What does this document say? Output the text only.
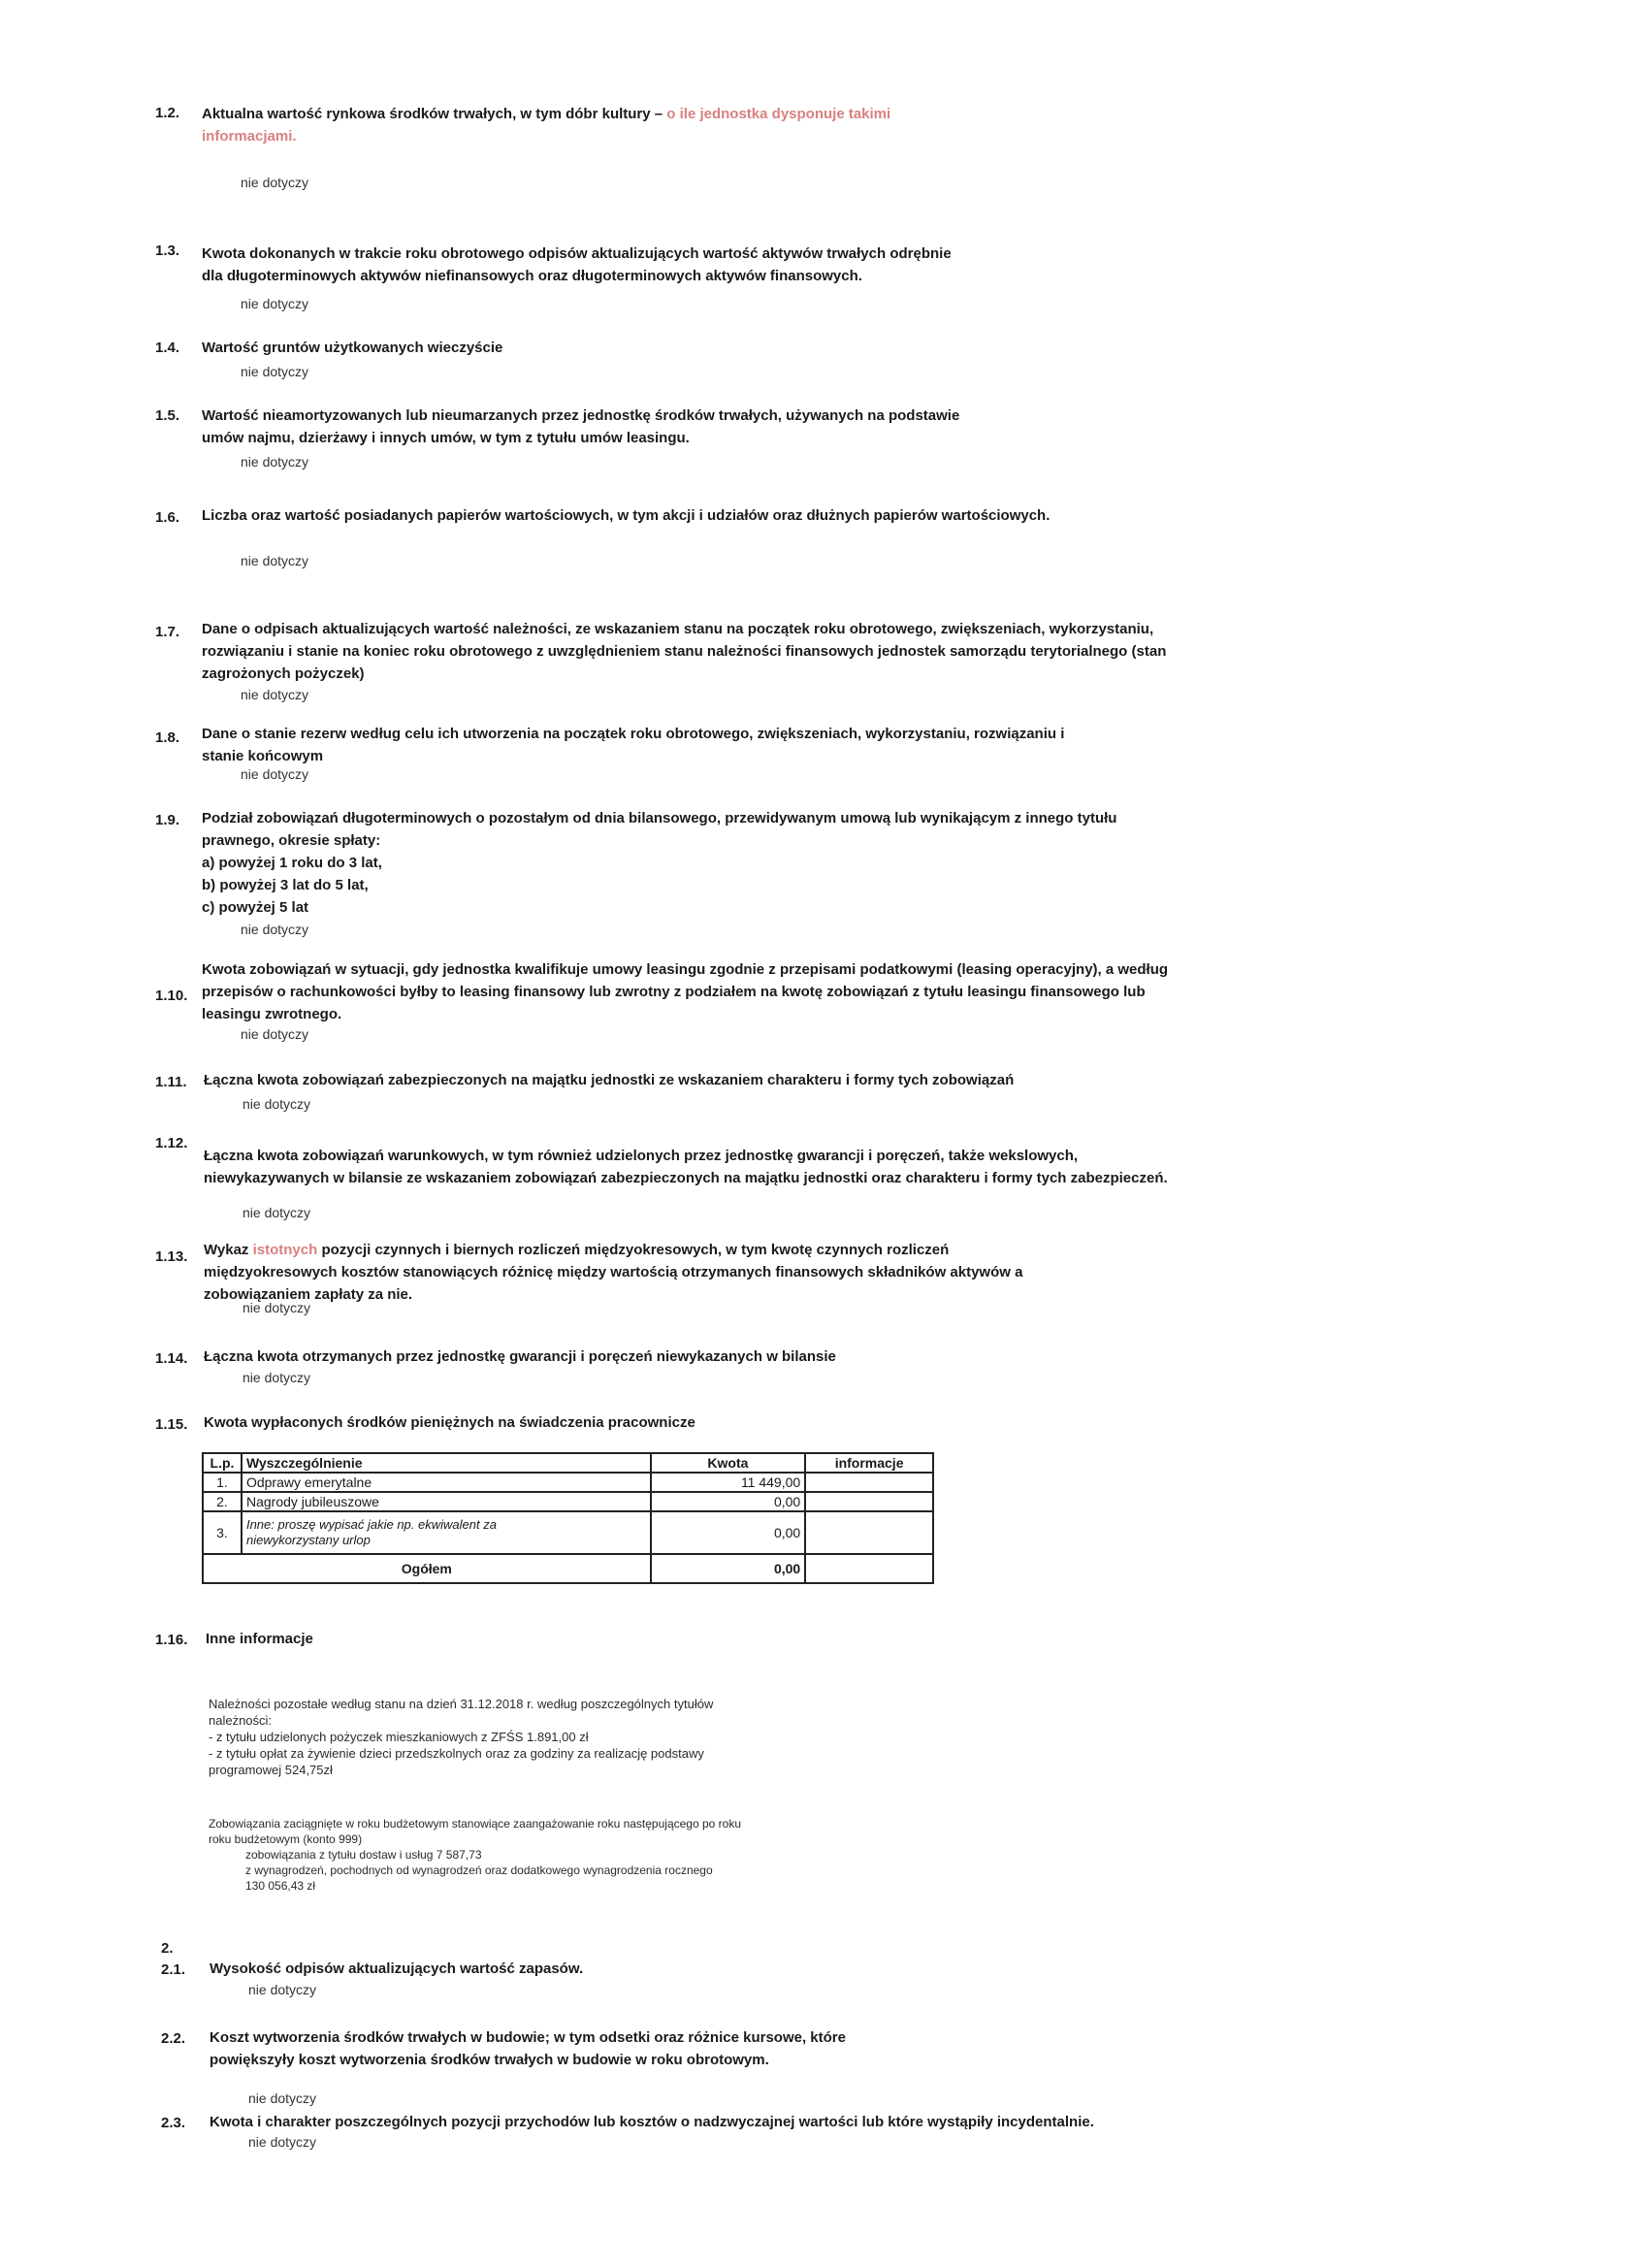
1.2. Aktualna wartość rynkowa środków trwałych, w tym dóbr kultury – o ile jednostka dysponuje takimi
informacjami.
nie dotyczy
1.3. Kwota dokonanych w trakcie roku obrotowego odpisów aktualizujących wartość aktywów trwałych odrębnie
dla długoterminowych aktywów niefinansowych oraz długoterminowych aktywów finansowych.
nie dotyczy
1.4. Wartość gruntów użytkowanych wieczyście
nie dotyczy
1.5. Wartość nieamortyzowanych lub nieumarzanych przez jednostkę środków trwałych, używanych na podstawie
umów najmu, dzierżawy i innych umów, w tym z tytułu umów leasingu.
nie dotyczy
1.6. Liczba oraz wartość posiadanych papierów wartościowych, w tym akcji i udziałów oraz dłużnych papierów wartościowych.
nie dotyczy
1.7. Dane o odpisach aktualizujących wartość należności, ze wskazaniem stanu na początek roku obrotowego, zwiększeniach, wykorzystaniu,
rozwiązaniu i stanie na koniec roku obrotowego z uwzględnieniem stanu należności finansowych jednostek samorządu terytorialnego (stan
zagrożonych pożyczek)
nie dotyczy
1.8. Dane o stanie rezerw według celu ich utworzenia na początek roku obrotowego, zwiększeniach, wykorzystaniu, rozwiązaniu i
stanie końcowym
nie dotyczy
1.9. Podział zobowiązań długoterminowych o pozostałym od dnia bilansowego, przewidywanym umową lub wynikającym z innego tytułu
prawnego, okresie spłaty:
a) powyżej 1 roku do 3 lat,
b) powyżej 3 lat do 5 lat,
c) powyżej 5 lat
nie dotyczy
1.10.
Kwota zobowiązań w sytuacji, gdy jednostka kwalifikuje umowy leasingu zgodnie z przepisami podatkowymi (leasing operacyjny), a według
przepisów o rachunkowości byłby to leasing finansowy lub zwrotny z podziałem na kwotę zobowiązań z tytułu leasingu finansowego lub
leasingu zwrotnego.
nie dotyczy
1.11. Łączna kwota zobowiązań zabezpieczonych na majątku jednostki ze wskazaniem charakteru i formy tych zobowiązań
nie dotyczy
1.12.
Łączna kwota zobowiązań warunkowych, w tym również udzielonych przez jednostkę gwarancji i poręczeń, także wekslowych,
niewykazywanych w bilansie ze wskazaniem zobowiązań zabezpieczonych na majątku jednostki oraz charakteru i formy tych zabezpieczeń.
nie dotyczy
1.13. Wykaz istotnych pozycji czynnych i biernych rozliczeń międzyokresowych, w tym kwotę czynnych rozliczeń
międzyokresowych kosztów stanowiących różnicę między wartością otrzymanych finansowych składników aktywów a
zobowiązaniem zapłaty za nie.
nie dotyczy
1.14. Łączna kwota otrzymanych przez jednostkę gwarancji i poręczeń niewykazanych w bilansie
nie dotyczy
1.15. Kwota wypłaconych środków pieniężnych na świadczenia pracownicze
L.p.	Wyszczególnienie	Kwota	informacje
1.	Odprawy emerytalne	11 449,00	
2.	Nagrody jubileuszowe	0,00	
3.	Inne: proszę wypisać jakie np. ekwiwalent za
niewykorzystany urlop	0,00	
Ogółem		0,00	
1.16. Inne informacje
Należności pozostałe według stanu na dzień 31.12.2018 r. według poszczególnych tytułów
należności:
- z tytułu udzielonych pożyczek mieszkaniowych z ZFŚS 1.891,00 zł
- z tytułu opłat za żywienie dzieci przedszkolnych oraz za godziny za realizację podstawy
programowej 524,75zł
Zobowiązania zaciągnięte w roku budżetowym stanowiące zaangażowanie roku następującego po roku
roku budżetowym (konto 999)
zobowiązania z tytułu dostaw i usług 7 587,73
z wynagrodzeń, pochodnych od wynagrodzeń oraz dodatkowego wynagrodzenia rocznego
130 056,43 zł
2.
2.1. Wysokość odpisów aktualizujących wartość zapasów.
nie dotyczy
2.2. Koszt wytworzenia środków trwałych w budowie; w tym odsetki oraz różnice kursowe, które
powiększyły koszt wytworzenia środków trwałych w budowie w roku obrotowym.
nie dotyczy
2.3. Kwota i charakter poszczególnych pozycji przychodów lub kosztów o nadzwyczajnej wartości lub które wystąpiły incydentalnie.
nie dotyczy
